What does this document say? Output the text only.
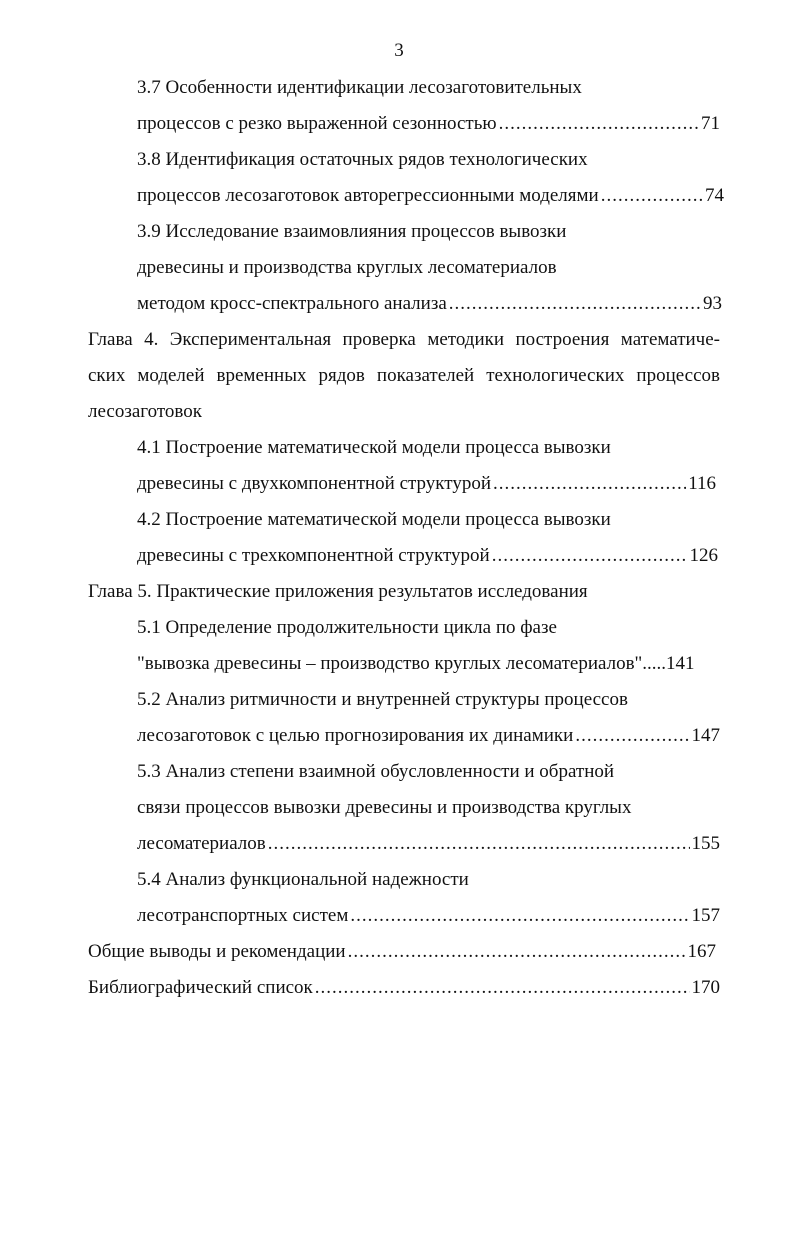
3
3.7 Особенности идентификации лесозаготовительных
процессов с резко выраженной сезонностью .....	71
3.8 Идентификация остаточных рядов технологических
процессов лесозаготовок авторегрессионными моделями .....	74
3.9 Исследование взаимовлияния процессов вывозки
древесины и производства круглых лесоматериалов
методом кросс-спектрального анализа .....	93
Глава 4. Экспериментальная проверка методики построения математиче-
ских моделей временных рядов показателей технологических процессов
лесозаготовок
4.1 Построение математической модели процесса вывозки
древесины с двухкомпонентной структурой .....	116
4.2 Построение математической модели процесса вывозки
древесины с трехкомпонентной структурой .....	126
Глава 5. Практические приложения результатов исследования
5.1 Определение продолжительности цикла по фазе
"вывозка древесины – производство круглых лесоматериалов".....141
5.2 Анализ ритмичности и внутренней структуры процессов
лесозаготовок с целью прогнозирования их динамики .....	147
5.3 Анализ степени взаимной обусловленности и обратной
связи процессов вывозки древесины и производства круглых
лесоматериалов .....	155
5.4 Анализ функциональной надежности
лесотранспортных систем .....	157
Общие выводы и рекомендации .....	167
Библиографический список .....	170
